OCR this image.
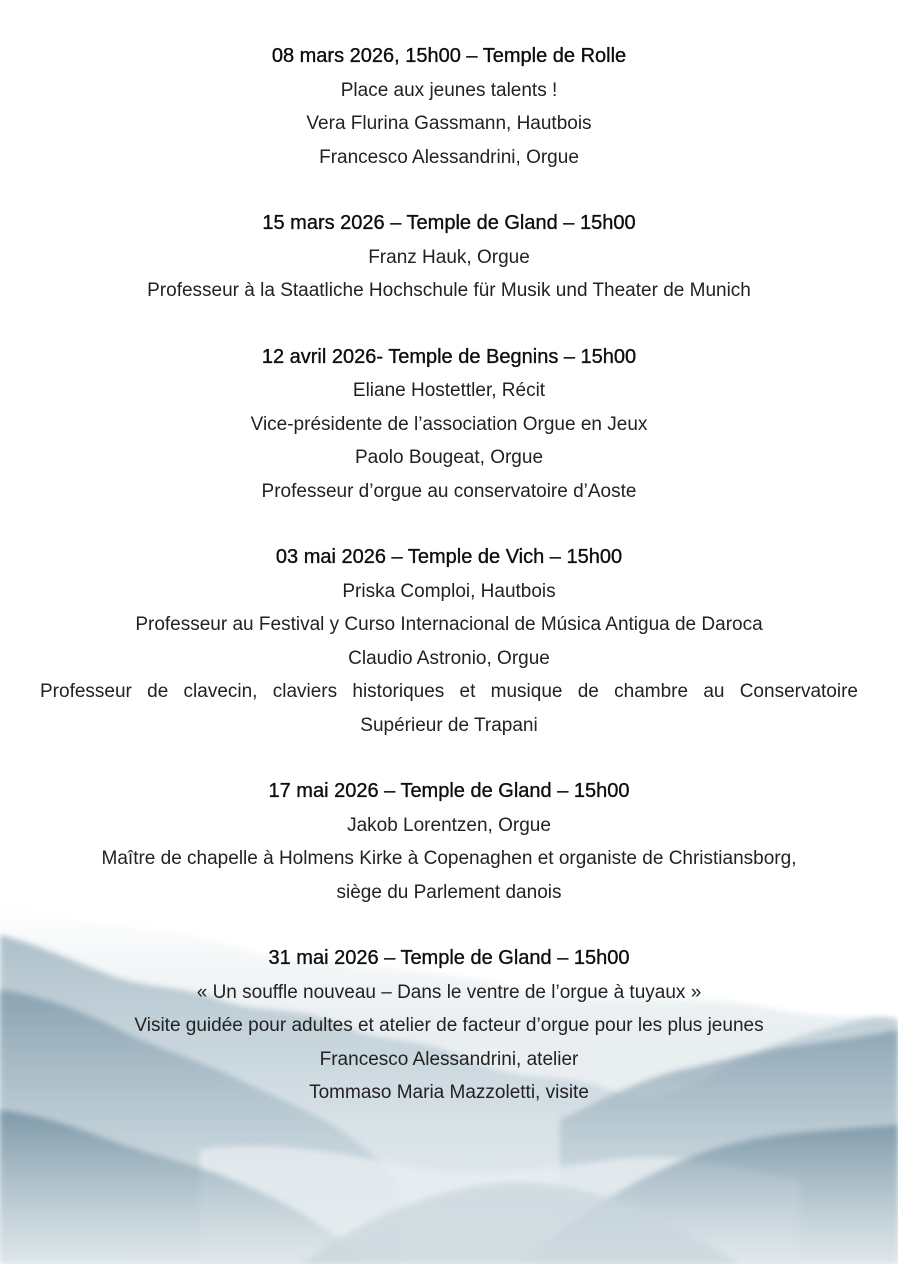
08 mars 2026, 15h00 – Temple de Rolle
Place aux jeunes talents !
Vera Flurina Gassmann, Hautbois
Francesco Alessandrini, Orgue
15 mars 2026 – Temple de Gland – 15h00
Franz Hauk, Orgue
Professeur à la Staatliche Hochschule für Musik und Theater de Munich
12 avril 2026- Temple de Begnins – 15h00
Eliane Hostettler, Récit
Vice-présidente de l’association Orgue en Jeux
Paolo Bougeat, Orgue
Professeur d’orgue au conservatoire d’Aoste
03 mai 2026 – Temple de Vich – 15h00
Priska Comploi, Hautbois
Professeur au Festival y Curso Internacional de Música Antigua de Daroca
Claudio Astronio, Orgue
Professeur de clavecin, claviers historiques et musique de chambre au Conservatoire
Supérieur de Trapani
17 mai 2026 – Temple de Gland – 15h00
Jakob Lorentzen, Orgue
Maître de chapelle à Holmens Kirke à Copenaghen et organiste de Christiansborg,
siège du Parlement danois
31 mai 2026 – Temple de Gland – 15h00
« Un souffle nouveau – Dans le ventre de l’orgue à tuyaux »
Visite guidée pour adultes et atelier de facteur d’orgue pour les plus jeunes
Francesco Alessandrini, atelier
Tommaso Maria Mazzoletti, visite
